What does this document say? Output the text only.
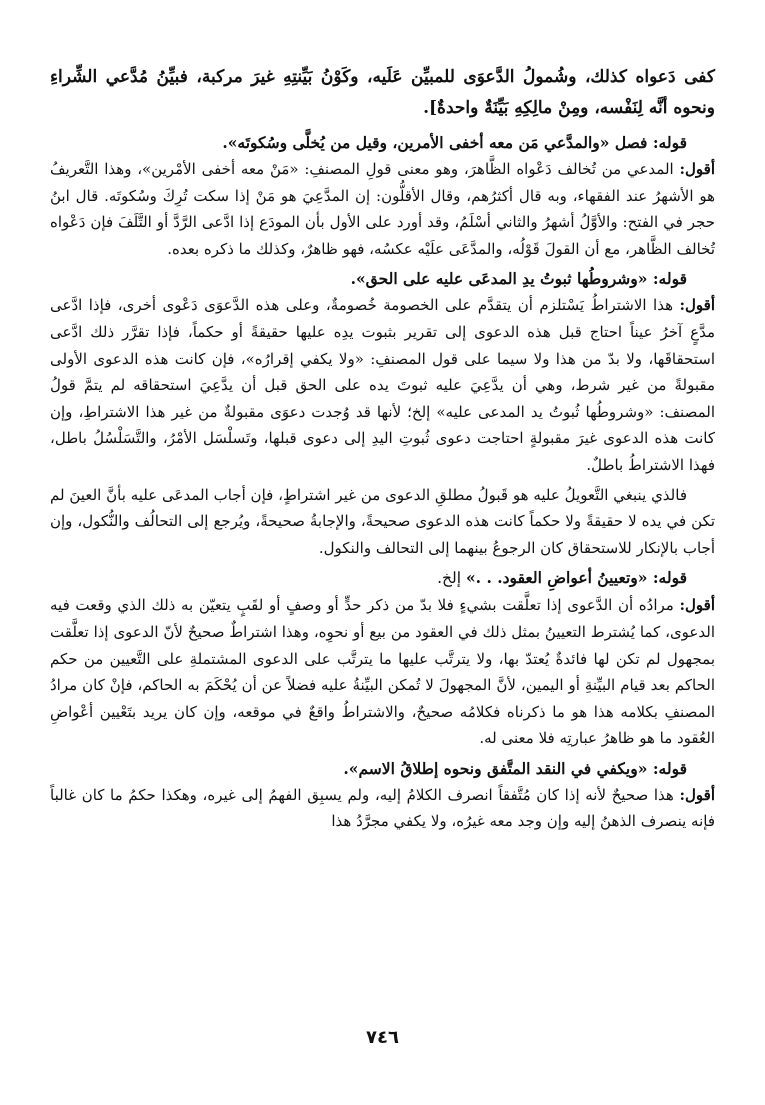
كفى دَعواه كذلك، وشُمولُ الدَّعوَى للمبيِّن عَلَيه، وكَوْنُ بَيِّنتِهِ غيرَ مركبة، فبيِّنُ مُدَّعي الشِّراءِ ونحوه أنَّه لِنَفْسه، ومِنْ مالِكِهِ بَيِّنَةٌ واحدةٌ].

قوله: فصل «والمدَّعي مَن معه أخفى الأمرين، وقيل من يُخلَّى وسُكوتَه».

أقول: المدعي من تُخالف دَعْواه الظَّاهرَ، وهو معنى قولِ المصنفِ: «مَنْ معه أخفى الأمْرين»، وهذا التَّعريفُ هو الأشهرُ عند الفقهاء، وبه قال أكثرُهم، وقال الأقلُّون: إن المدَّعِيَ هو مَنْ إذا سكت تُرِكَ وسُكوتَه. قال ابنُ حجر في الفتح: والأوَّلُ أشهرُ والثاني أسْلَمُ، وقد أورد على الأول بأن المودَع إذا ادَّعى الرَّدَّ أو التَّلَفَ فإن دَعْواه تُخالف الظَّاهر، مع أن القولَ قَوْلُه، والمدَّعَى علَيْه عكسُه، فهو ظاهرٌ، وكذلك ما ذكره بعده.

قوله: «وشروطُها ثبوتُ يدِ المدعَى عليه على الحق».

أقول: هذا الاشتراطُ يَسْتلزم أن يتقدَّم على الخصومة خُصومةٌ، وعلى هذه الدَّعوَى دَعْوى أخرى، فإذا ادَّعى مدَّعٍ آخرُ عيناً احتاج قبل هذه الدعوى إلى تقرير بثبوت يدِه عليها حقيقةً أو حكماً، فإذا تقرَّر ذلك ادَّعى استحقاقَها، ولا بدّ من هذا ولا سيما على قول المصنفِ: «ولا يكفي إقرارُه»، فإن كانت هذه الدعوى الأولى مقبولةً من غير شرط، وهي أن يدَّعِيَ عليه ثبوتَ يده على الحق قبل أن يدَّعِيَ استحقاقه لم يتمَّ قولُ المصنف: «وشروطُها ثُبوتُ يد المدعى عليه» إلخ؛ لأنها قد وُجدت دعوَى مقبولةٌ من غير هذا الاشتراطِ، وإن كانت هذه الدعوى غيرَ مقبولةٍ احتاجت دعوى ثُبوتِ اليدِ إلى دعوى قبلها، وتَسلْسَل الأمْرُ، والتَّسَلْسُلُ باطل، فهذا الاشتراطُ باطلٌ.

فالذي ينبغي التَّعويلُ عليه هو قَبولُ مطلقِ الدعوى من غير اشتراطٍ، فإن أجاب المدعَى عليه بأنَّ العينَ لم تكن في يده لا حقيقةً ولا حكماً كانت هذه الدعوى صحيحةً، والإجابةُ صحيحةً، ويُرجع إلى التحالُف والنُّكول، وإن أجاب بالإنكار للاستحقاق كان الرجوعُ بينهما إلى التحالف والنكول.

قوله: «وتعيينُ أعواضِ العقود. . .» إلخ.

أقول: مرادُه أن الدَّعوى إذا تعلَّقت بشيءٍ فلا بدّ من ذكر حدٍّ أو وصفٍ أو لقَبٍ يتعيّن به ذلك الذي وقعت فيه الدعوى، كما يُشترط التعيينُ بمثل ذلك في العقود من بيع أو نحوِه، وهذا اشتراطٌ صحيحٌ لأنّ الدعوى إذا تعلَّقت بمجهول لم تكن لها فائدةٌ يُعتدّ بها، ولا يترتَّب عليها ما يترتَّب على الدعوى المشتملةِ على التَّعيين من حكم الحاكم بعد قيام البيِّنةِ أو اليمين، لأنَّ المجهولَ لا تُمكن البيِّنةُ عليه فضلاً عن أن يُحْكَمَ به الحاكم، فإنْ كان مرادُ المصنفِ بكلامه هذا هو ما ذكرناه فكلامُه صحيحٌ، والاشتراطُ واقعٌ في موقعه، وإن كان يريد بتَعْيين أعْواضِ العُقود ما هو ظاهرُ عبارتِه فلا معنى له.

قوله: «ويكفي في النقد المتَّفق ونحوه إطلاقُ الاسم».

أقول: هذا صحيحٌ لأنه إذا كان مُتَّفقاً انصرف الكلامُ إليه، ولم يسبِق الفهمُ إلى غيره، وهكذا حكمُ ما كان غالباً فإنه ينصرف الذهنُ إليه وإن وجد معه غيرُه، ولا يكفي مجرَّدُ هذا

٧٤٦
